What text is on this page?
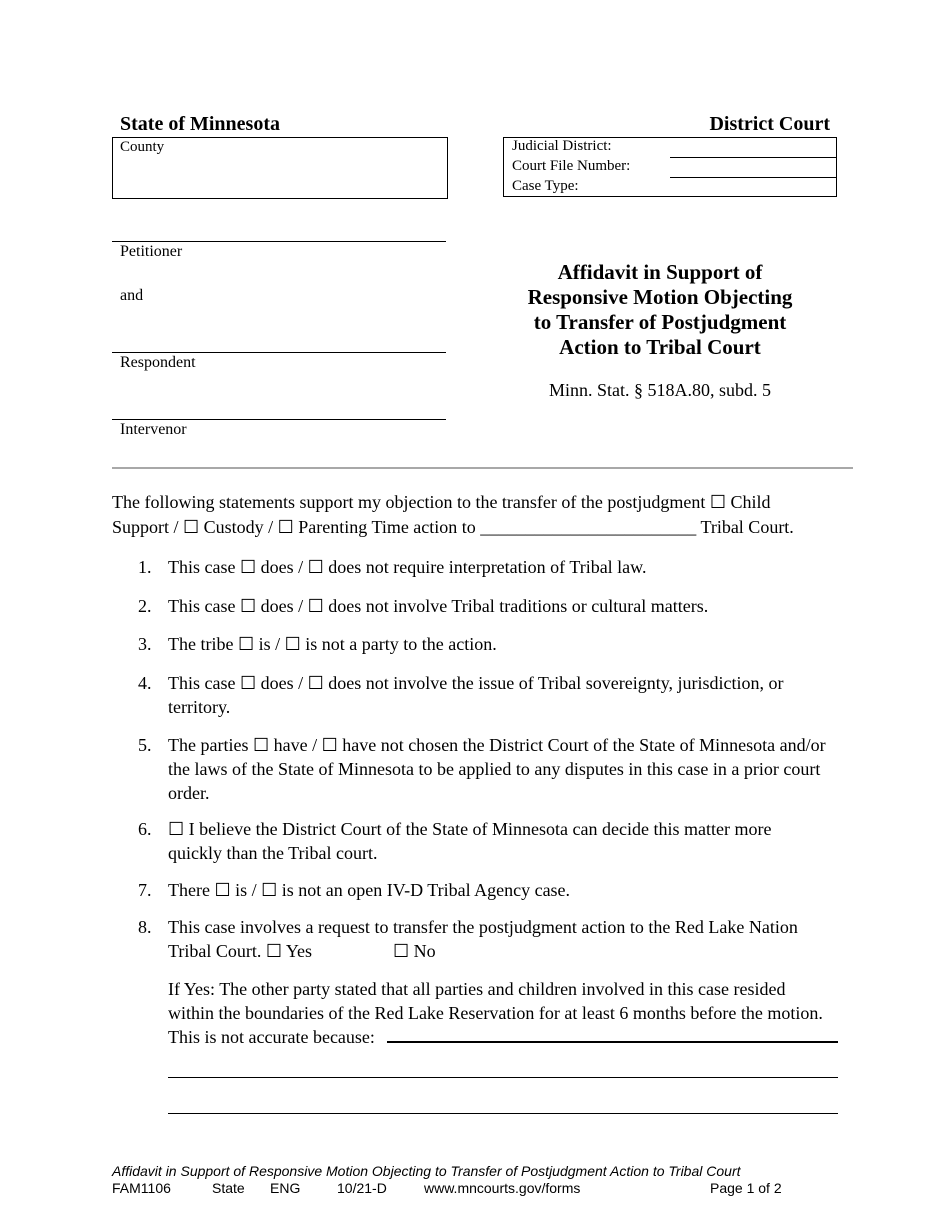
State of Minnesota	District Court
County	Judicial District:
Court File Number:
Case Type:
Petitioner
and
Respondent
Intervenor
Affidavit in Support of
Responsive Motion Objecting
to Transfer of Postjudgment
Action to Tribal Court
Minn. Stat. § 518A.80, subd. 5
The following statements support my objection to the transfer of the postjudgment ☐ Child
Support / ☐ Custody / ☐ Parenting Time action to ________________________ Tribal Court.
1. This case ☐ does / ☐ does not require interpretation of Tribal law.
2. This case ☐ does / ☐ does not involve Tribal traditions or cultural matters.
3. The tribe ☐ is / ☐ is not a party to the action.
4. This case ☐ does / ☐ does not involve the issue of Tribal sovereignty, jurisdiction, or
territory.
5. The parties ☐ have / ☐ have not chosen the District Court of the State of Minnesota and/or
the laws of the State of Minnesota to be applied to any disputes in this case in a prior court
order.
6. ☐ I believe the District Court of the State of Minnesota can decide this matter more
quickly than the Tribal court.
7. There ☐ is / ☐ is not an open IV-D Tribal Agency case.
8. This case involves a request to transfer the postjudgment action to the Red Lake Nation
Tribal Court. ☐ Yes	☐ No
If Yes: The other party stated that all parties and children involved in this case resided
within the boundaries of the Red Lake Reservation for at least 6 months before the motion.
This is not accurate because:
Affidavit in Support of Responsive Motion Objecting to Transfer of Postjudgment Action to Tribal Court
FAM1106	State ENG	10/21-D	www.mncourts.gov/forms	Page 1 of 2
